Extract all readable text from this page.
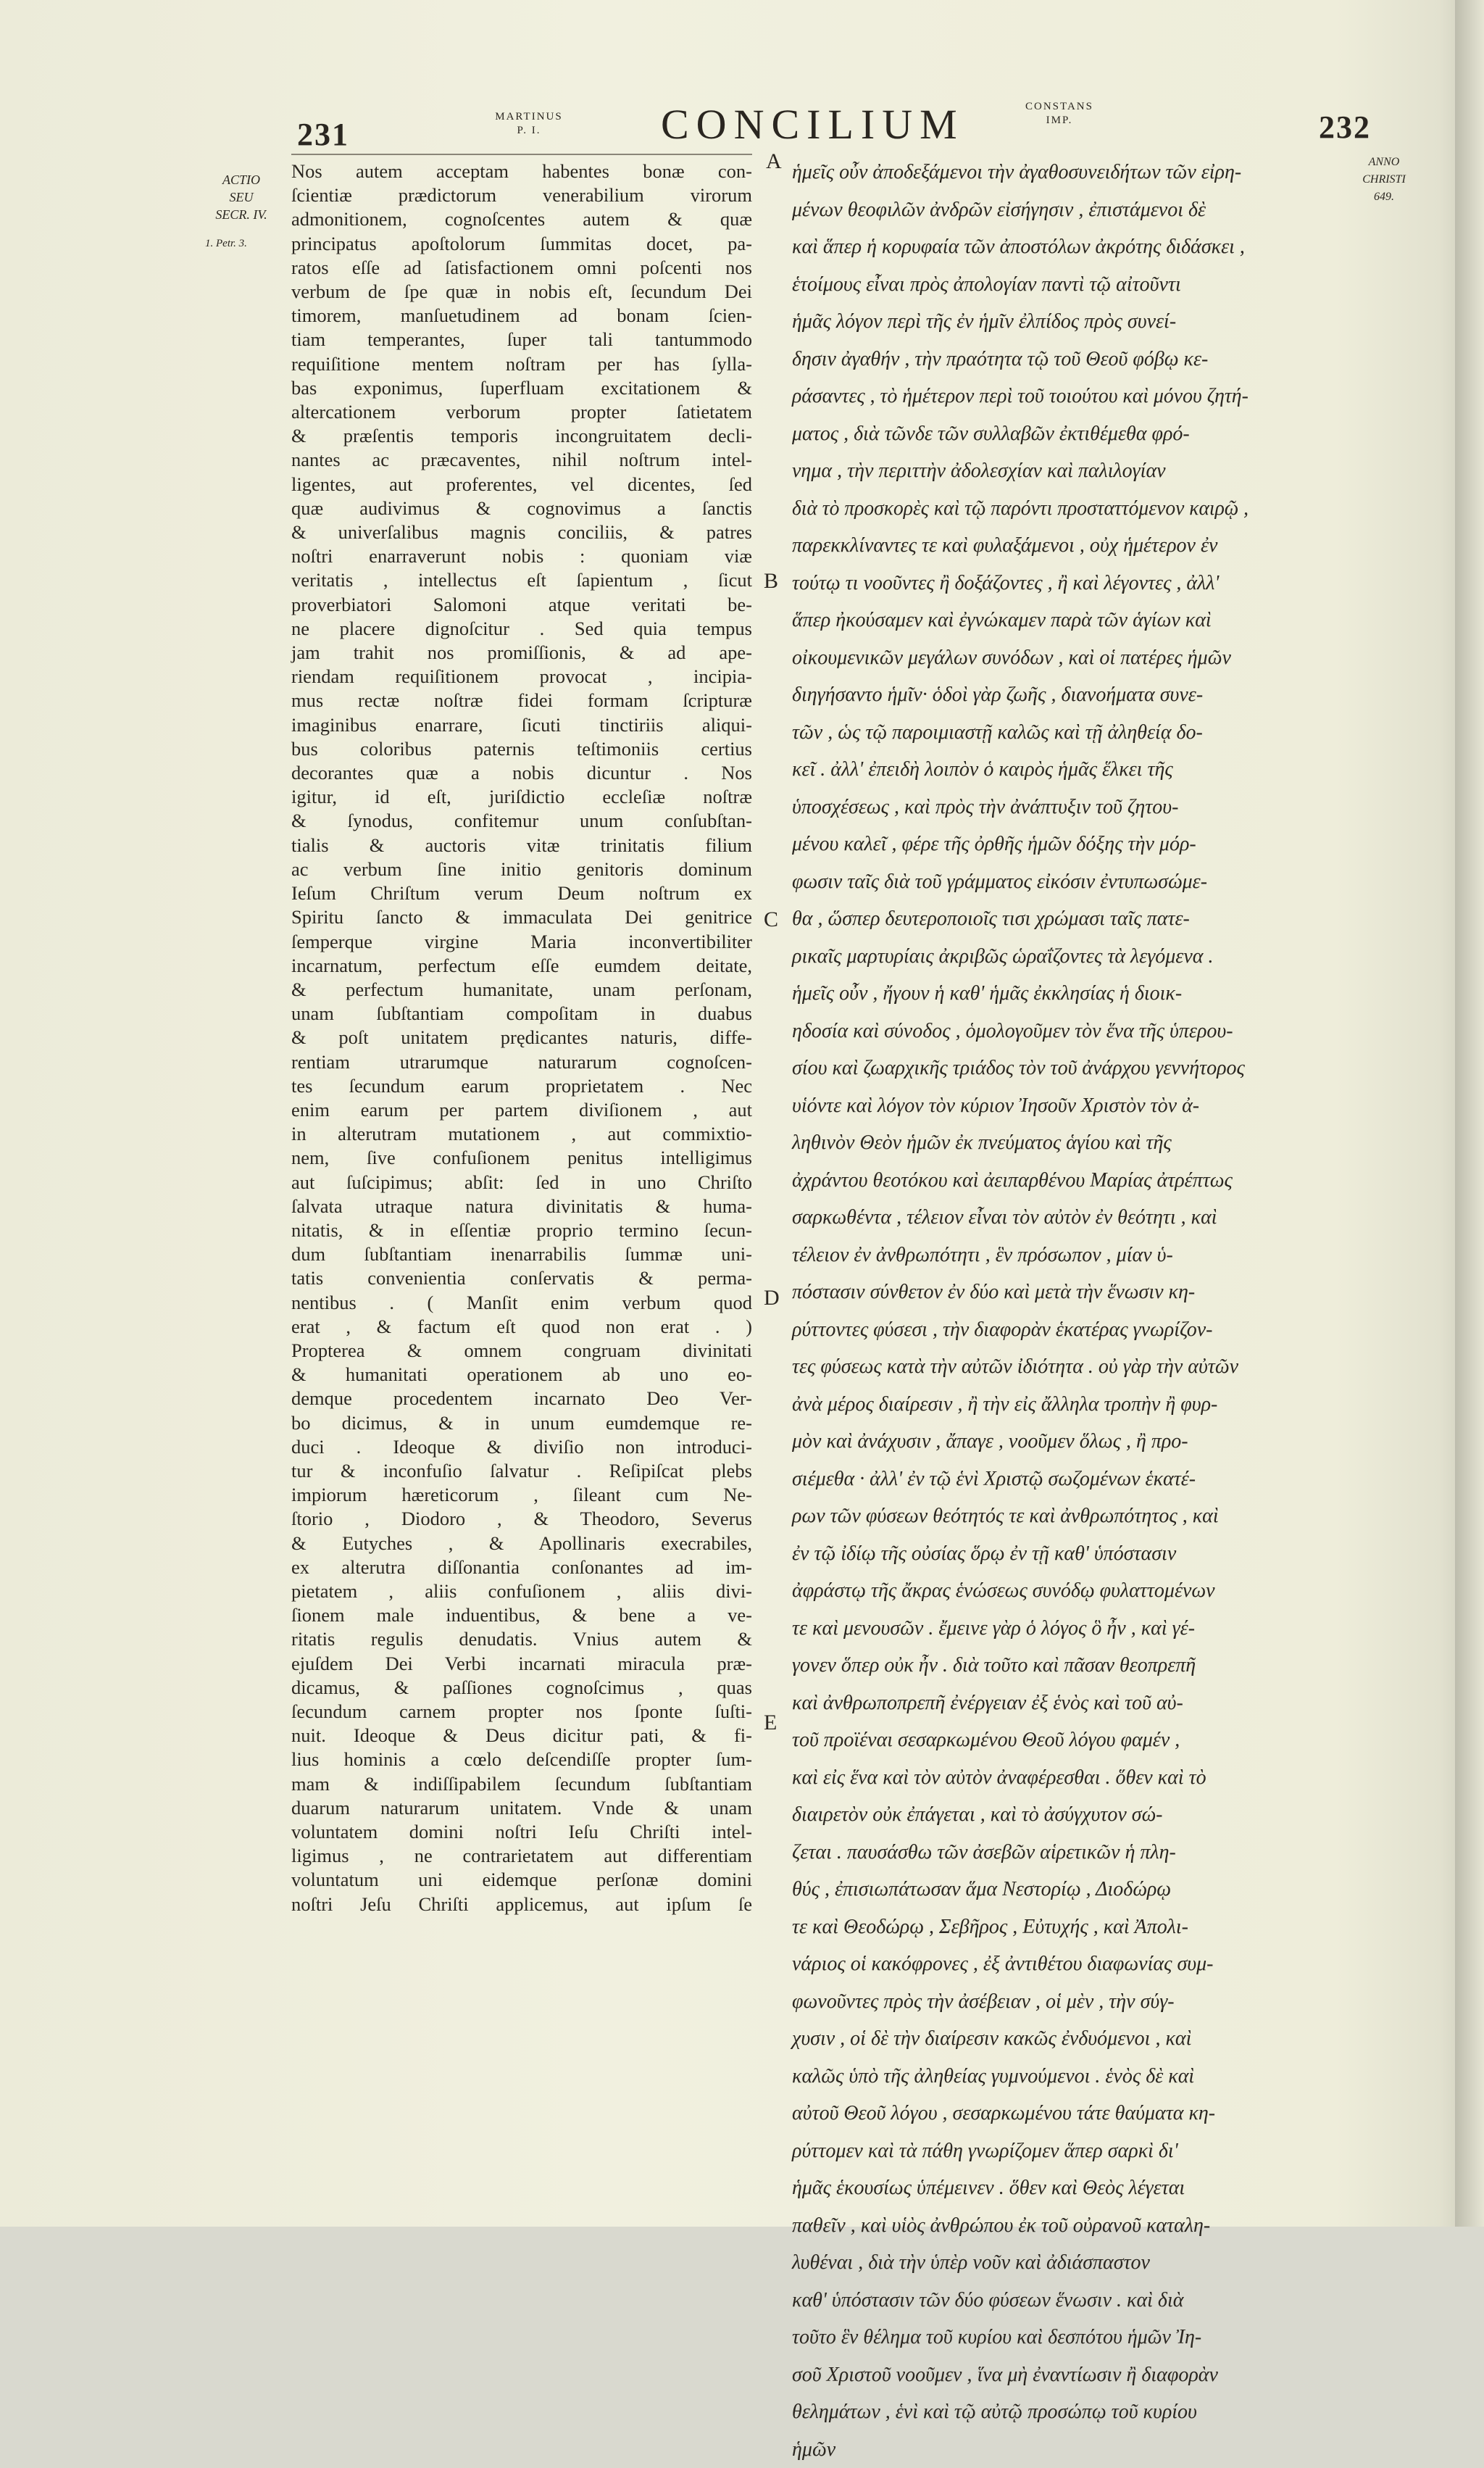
231	MARTINUS
P. I.	CONCILIUM	CONSTANS
IMP.	232
ACTIO
SEU
SECR. IV.
1. Petr. 3.
ANNO
CHRISTI
649.
A
B
C
D
E

Nos autem acceptam habentes bonæ con-

ſcientiæ prædictorum venerabilium virorum

admonitionem, cognoſcentes autem & quæ

principatus apoſtolorum ſummitas docet, pa-

ratos eſſe ad ſatisfactionem omni poſcenti nos

verbum de ſpe quæ in nobis eſt, ſecundum Dei

timorem, manſuetudinem ad bonam ſcien-

tiam temperantes, ſuper tali tantummodo

requiſitione mentem noſtram per has ſylla-

bas exponimus, ſuperfluam excitationem &

altercationem verborum propter ſatietatem

& præſentis temporis incongruitatem decli-

nantes ac præcaventes, nihil noſtrum intel-

ligentes, aut proferentes, vel dicentes, ſed

quæ audivimus & cognovimus a ſanctis

& univerſalibus magnis conciliis, & patres

noſtri enarraverunt nobis : quoniam viæ

veritatis , intellectus eſt ſapientum , ſicut

proverbiatori Salomoni atque veritati be-

ne placere dignoſcitur . Sed quia tempus

jam trahit nos promiſſionis, & ad ape-

riendam requiſitionem provocat , incipia-

mus rectæ noſtræ fidei formam ſcripturæ

imaginibus enarrare, ſicuti tinctiriis aliqui-

bus coloribus paternis teſtimoniis certius

decorantes quæ a nobis dicuntur . Nos

igitur, id eſt, juriſdictio eccleſiæ noſtræ

& ſynodus, confitemur unum conſubſtan-

tialis & auctoris vitæ trinitatis filium

ac verbum ſine initio genitoris dominum

Ieſum Chriſtum verum Deum noſtrum ex

Spiritu ſancto & immaculata Dei genitrice

ſemperque virgine Maria inconvertibiliter

incarnatum, perfectum eſſe eumdem deitate,

& perfectum humanitate, unam perſonam,

unam ſubſtantiam compoſitam in duabus

& poſt unitatem prędicantes naturis, diffe-

rentiam utrarumque naturarum cognoſcen-

tes ſecundum earum proprietatem . Nec

enim earum per partem diviſionem , aut

in alterutram mutationem , aut commixtio-

nem, ſive confuſionem penitus intelligimus

aut ſuſcipimus; abſit: ſed in uno Chriſto

ſalvata utraque natura divinitatis & huma-

nitatis, & in eſſentiæ proprio termino ſecun-

dum ſubſtantiam inenarrabilis ſummæ uni-

tatis convenientia conſervatis & perma-

nentibus . ( Manſit enim verbum quod

erat , & factum eſt quod non erat . )

Propterea & omnem congruam divinitati

& humanitati operationem ab uno eo-

demque procedentem incarnato Deo Ver-

bo dicimus, & in unum eumdemque re-

duci . Ideoque & diviſio non introduci-

tur & inconfuſio ſalvatur . Reſipiſcat plebs

impiorum hæreticorum , ſileant cum Ne-

ſtorio , Diodoro , & Theodoro, Severus

& Eutyches , & Apollinaris execrabiles,

ex alterutra diſſonantia conſonantes ad im-

pietatem , aliis confuſionem , aliis divi-

ſionem male induentibus, & bene a ve-

ritatis regulis denudatis. Vnius autem &

ejuſdem Dei Verbi incarnati miracula præ-

dicamus, & paſſiones cognoſcimus , quas

ſecundum carnem propter nos ſponte ſuſti-

nuit. Ideoque & Deus dicitur pati, & fi-

lius hominis a cœlo deſcendiſſe propter ſum-

mam & indiſſipabilem ſecundum ſubſtantiam

duarum naturarum unitatem. Vnde & unam

voluntatem domini noſtri Ieſu Chriſti intel-

ligimus , ne contrarietatem aut differentiam

voluntatum uni eidemque perſonæ domini

noſtri Jeſu Chriſti applicemus, aut ipſum ſe

ἡμεῖς οὖν ἀποδεξάμενοι τὴν ἀγαθοσυνειδήτων τῶν εἰρη-

μένων θεοφιλῶν ἀνδρῶν εἰσήγησιν , ἐπιστάμενοι δὲ

καὶ ἅπερ ἡ κορυφαία τῶν ἀποστόλων ἀκρότης διδάσκει ,

ἑτοίμους εἶναι πρὸς ἀπολογίαν παντὶ τῷ αἰτοῦντι

ἡμᾶς λόγον περὶ τῆς ἐν ἡμῖν ἐλπίδος πρὸς συνεί-

δησιν ἀγαθήν , τὴν πραότητα τῷ τοῦ Θεοῦ φόβῳ κε-

ράσαντες , τὸ ἡμέτερον περὶ τοῦ τοιούτου καὶ μόνου ζητή-

ματος , διὰ τῶνδε τῶν συλλαβῶν ἐκτιθέμεθα φρό-

νημα , τὴν περιττὴν ἀδολεσχίαν καὶ παλιλογίαν

διὰ τὸ προσκορὲς καὶ τῷ παρόντι προσταττόμενον καιρῷ ,

παρεκκλίναντες τε καὶ φυλαξάμενοι , οὐχ ἡμέτερον ἐν

τούτῳ τι νοοῦντες ἢ δοξάζοντες , ἢ καὶ λέγοντες , ἀλλ'

ἅπερ ἠκούσαμεν καὶ ἐγνώκαμεν παρὰ τῶν ἁγίων καὶ

οἰκουμενικῶν μεγάλων συνόδων , καὶ οἱ πατέρες ἡμῶν

διηγήσαντο ἡμῖν· ὁδοὶ γὰρ ζωῆς , διανοήματα συνε-

τῶν , ὡς τῷ παροιμιαστῇ καλῶς καὶ τῇ ἀληθείᾳ δο-

κεῖ . ἀλλ' ἐπειδὴ λοιπὸν ὁ καιρὸς ἡμᾶς ἕλκει τῆς

ὑποσχέσεως , καὶ πρὸς τὴν ἀνάπτυξιν τοῦ ζητου-

μένου καλεῖ , φέρε τῆς ὀρθῆς ἡμῶν δόξης τὴν μόρ-

φωσιν ταῖς διὰ τοῦ γράμματος εἰκόσιν ἐντυπωσώμε-

θα , ὥσπερ δευτεροποιοῖς τισι χρώμασι ταῖς πατε-

ρικαῖς μαρτυρίαις ἀκριβῶς ὡραΐζοντες τὰ λεγόμενα .

ἡμεῖς οὖν , ἤγουν ἡ καθ' ἡμᾶς ἐκκλησίας ἡ διοικ-

ηδοσία καὶ σύνοδος , ὁμολογοῦμεν τὸν ἕνα τῆς ὑπερου-

σίου καὶ ζωαρχικῆς τριάδος τὸν τοῦ ἀνάρχου γεννήτορος

υἱόντε καὶ λόγον τὸν κύριον Ἰησοῦν Χριστὸν τὸν ἀ-

ληθινὸν Θεὸν ἡμῶν ἐκ πνεύματος ἁγίου καὶ τῆς

ἀχράντου θεοτόκου καὶ ἀειπαρθένου Μαρίας ἀτρέπτως

σαρκωθέντα , τέλειον εἶναι τὸν αὐτὸν ἐν θεότητι , καὶ

τέλειον ἐν ἀνθρωπότητι , ἓν πρόσωπον , μίαν ὑ-

πόστασιν σύνθετον ἐν δύο καὶ μετὰ τὴν ἕνωσιν κη-

ρύττοντες φύσεσι , τὴν διαφορὰν ἑκατέρας γνωρίζον-

τες φύσεως κατὰ τὴν αὐτῶν ἰδιότητα . οὐ γὰρ τὴν αὐτῶν

ἀνὰ μέρος διαίρεσιν , ἢ τὴν εἰς ἄλληλα τροπὴν ἢ φυρ-

μὸν καὶ ἀνάχυσιν , ἄπαγε , νοοῦμεν ὅλως , ἢ προ-

σιέμεθα · ἀλλ' ἐν τῷ ἑνὶ Χριστῷ σωζομένων ἑκατέ-

ρων τῶν φύσεων θεότητός τε καὶ ἀνθρωπότητος , καὶ

ἐν τῷ ἰδίῳ τῆς οὐσίας ὅρῳ ἐν τῇ καθ' ὑπόστασιν

ἀφράστῳ τῆς ἄκρας ἑνώσεως συνόδῳ φυλαττομένων

τε καὶ μενουσῶν . ἔμεινε γὰρ ὁ λόγος ὃ ἦν , καὶ γέ-

γονεν ὅπερ οὐκ ἦν . διὰ τοῦτο καὶ πᾶσαν θεοπρεπῆ

καὶ ἀνθρωποπρεπῆ ἐνέργειαν ἐξ ἑνὸς καὶ τοῦ αὐ-

τοῦ προϊέναι σεσαρκωμένου Θεοῦ λόγου φαμέν ,

καὶ εἰς ἕνα καὶ τὸν αὐτὸν ἀναφέρεσθαι . ὅθεν καὶ τὸ

διαιρετὸν οὐκ ἐπάγεται , καὶ τὸ ἀσύγχυτον σώ-

ζεται . παυσάσθω τῶν ἀσεβῶν αἱρετικῶν ἡ πλη-

θύς , ἐπισιωπάτωσαν ἅμα Νεστορίῳ , Διοδώρῳ

τε καὶ Θεοδώρῳ , Σεβῆρος , Εὐτυχής , καὶ Ἀπολι-

νάριος οἱ κακόφρονες , ἐξ ἀντιθέτου διαφωνίας συμ-

φωνοῦντες πρὸς τὴν ἀσέβειαν , οἱ μὲν , τὴν σύγ-

χυσιν , οἱ δὲ τὴν διαίρεσιν κακῶς ἐνδυόμενοι , καὶ

καλῶς ὑπὸ τῆς ἀληθείας γυμνούμενοι . ἑνὸς δὲ καὶ

αὐτοῦ Θεοῦ λόγου , σεσαρκωμένου τάτε θαύματα κη-

ρύττομεν καὶ τὰ πάθη γνωρίζομεν ἅπερ σαρκὶ δι'

ἡμᾶς ἑκουσίως ὑπέμεινεν . ὅθεν καὶ Θεὸς λέγεται

παθεῖν , καὶ υἱὸς ἀνθρώπου ἐκ τοῦ οὐρανοῦ καταλη-

λυθέναι , διὰ τὴν ὑπὲρ νοῦν καὶ ἀδιάσπαστον

καθ' ὑπόστασιν τῶν δύο φύσεων ἕνωσιν . καὶ διὰ

τοῦτο ἓν θέλημα τοῦ κυρίου καὶ δεσπότου ἡμῶν Ἰη-

σοῦ Χριστοῦ νοοῦμεν , ἵνα μὴ ἐναντίωσιν ἢ διαφορὰν

θελημάτων , ἑνὶ καὶ τῷ αὐτῷ προσώπῳ τοῦ κυρίου

ἡμῶν
